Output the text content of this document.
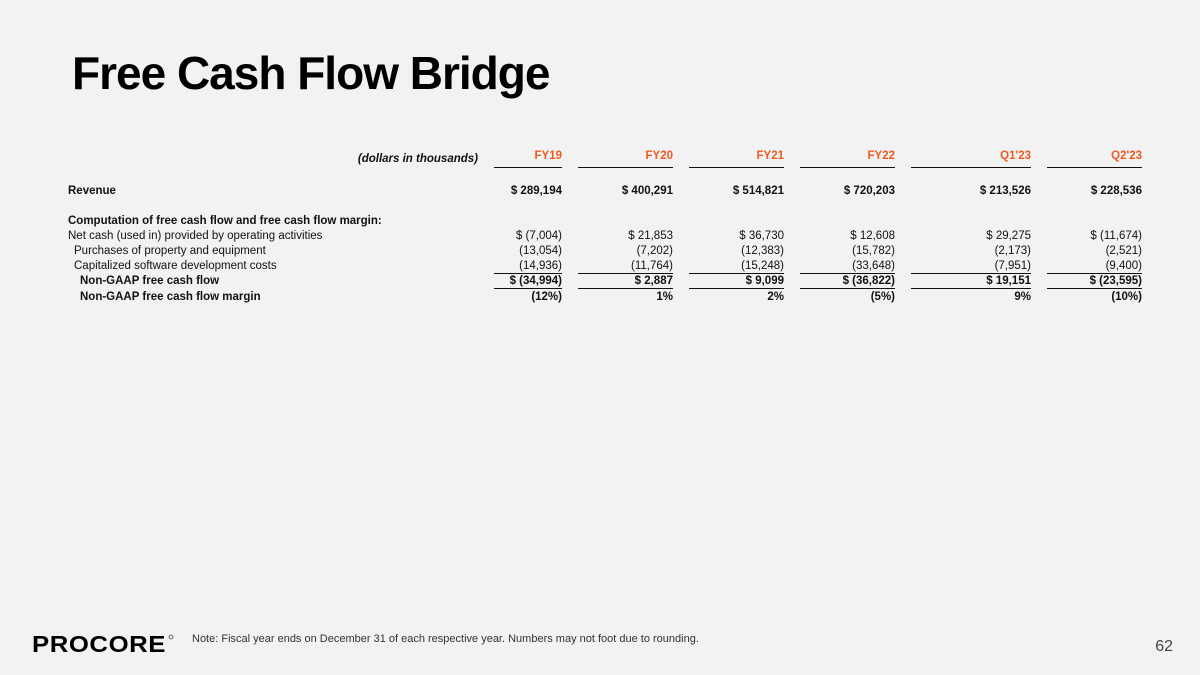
Free Cash Flow Bridge
(dollars in thousands)	FY19	FY20	FY21	FY22	Q1'23	Q2'23

Revenue	$ 289,194	$ 400,291	$ 514,821	$ 720,203	$ 213,526	$ 228,536

Computation of free cash flow and free cash flow margin:						
Net cash (used in) provided by operating activities	$ (7,004)	$ 21,853	$ 36,730	$ 12,608	$ 29,275	$ (11,674)
Purchases of property and equipment	(13,054)	(7,202)	(12,383)	(15,782)	(2,173)	(2,521)
Capitalized software development costs	(14,936)	(11,764)	(15,248)	(33,648)	(7,951)	(9,400)
Non-GAAP free cash flow	$ (34,994)	$ 2,887	$ 9,099	$ (36,822)	$ 19,151	$ (23,595)

Non-GAAP free cash flow margin	(12%)	1%	2%	(5%)	9%	(10%)
PROCORE Note: Fiscal year ends on December 31 of each respective year. Numbers may not foot due to rounding.	62
